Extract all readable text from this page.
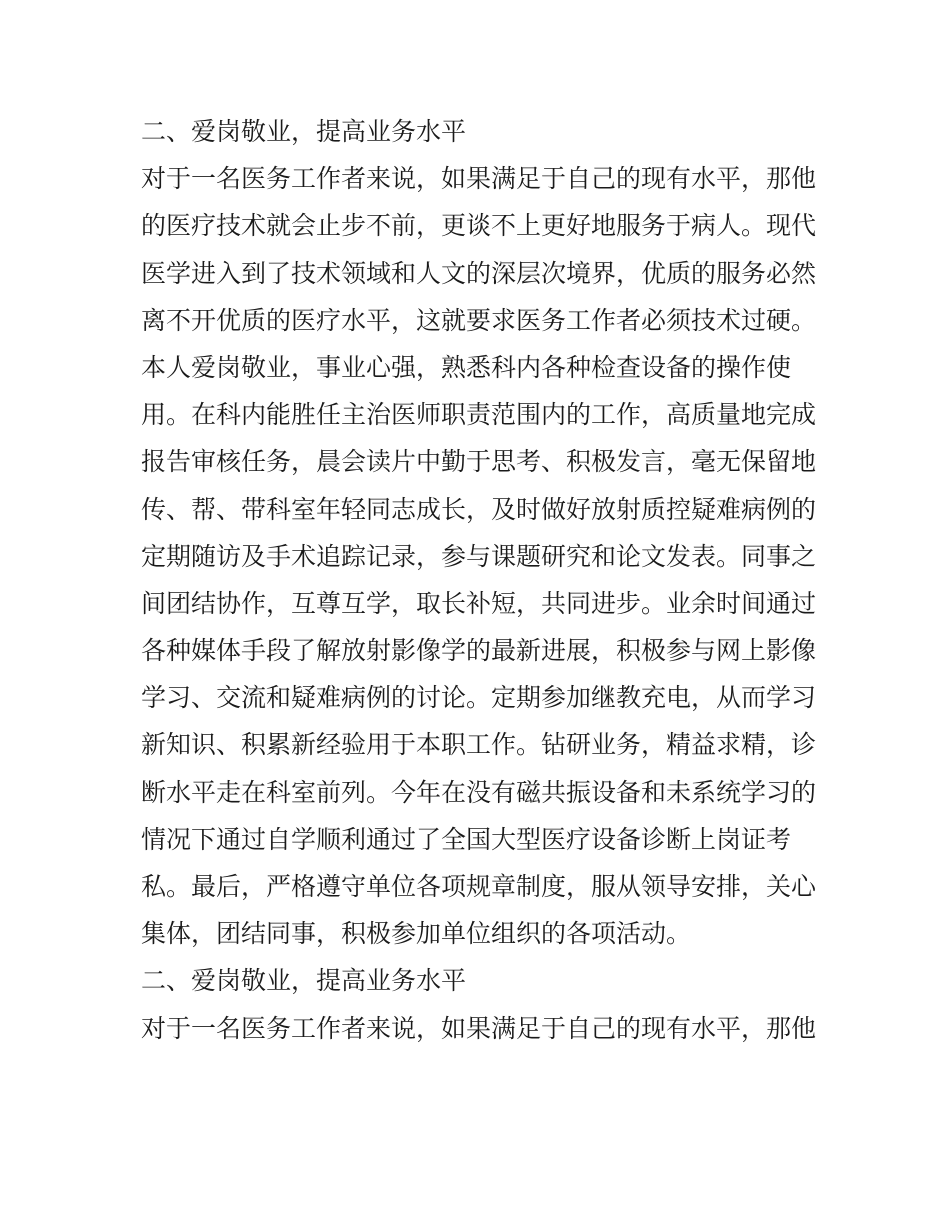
二、爱岗敬业，提高业务水平
对于一名医务工作者来说，如果满足于自己的现有水平，那他
的医疗技术就会止步不前，更谈不上更好地服务于病人。现代
医学进入到了技术领域和人文的深层次境界，优质的服务必然
离不开优质的医疗水平，这就要求医务工作者必须技术过硬。
本人爱岗敬业，事业心强，熟悉科内各种检查设备的操作使
用。在科内能胜任主治医师职责范围内的工作，高质量地完成
报告审核任务，晨会读片中勤于思考、积极发言，毫无保留地
传、帮、带科室年轻同志成长，及时做好放射质控疑难病例的
定期随访及手术追踪记录，参与课题研究和论文发表。同事之
间团结协作，互尊互学，取长补短，共同进步。业余时间通过
各种媒体手段了解放射影像学的最新进展，积极参与网上影像
学习、交流和疑难病例的讨论。定期参加继教充电，从而学习
新知识、积累新经验用于本职工作。钻研业务，精益求精，诊
断水平走在科室前列。今年在没有磁共振设备和未系统学习的
情况下通过自学顺利通过了全国大型医疗设备诊断上岗证考
私。最后，严格遵守单位各项规章制度，服从领导安排，关心
集体，团结同事，积极参加单位组织的各项活动。
二、爱岗敬业，提高业务水平
对于一名医务工作者来说，如果满足于自己的现有水平，那他
